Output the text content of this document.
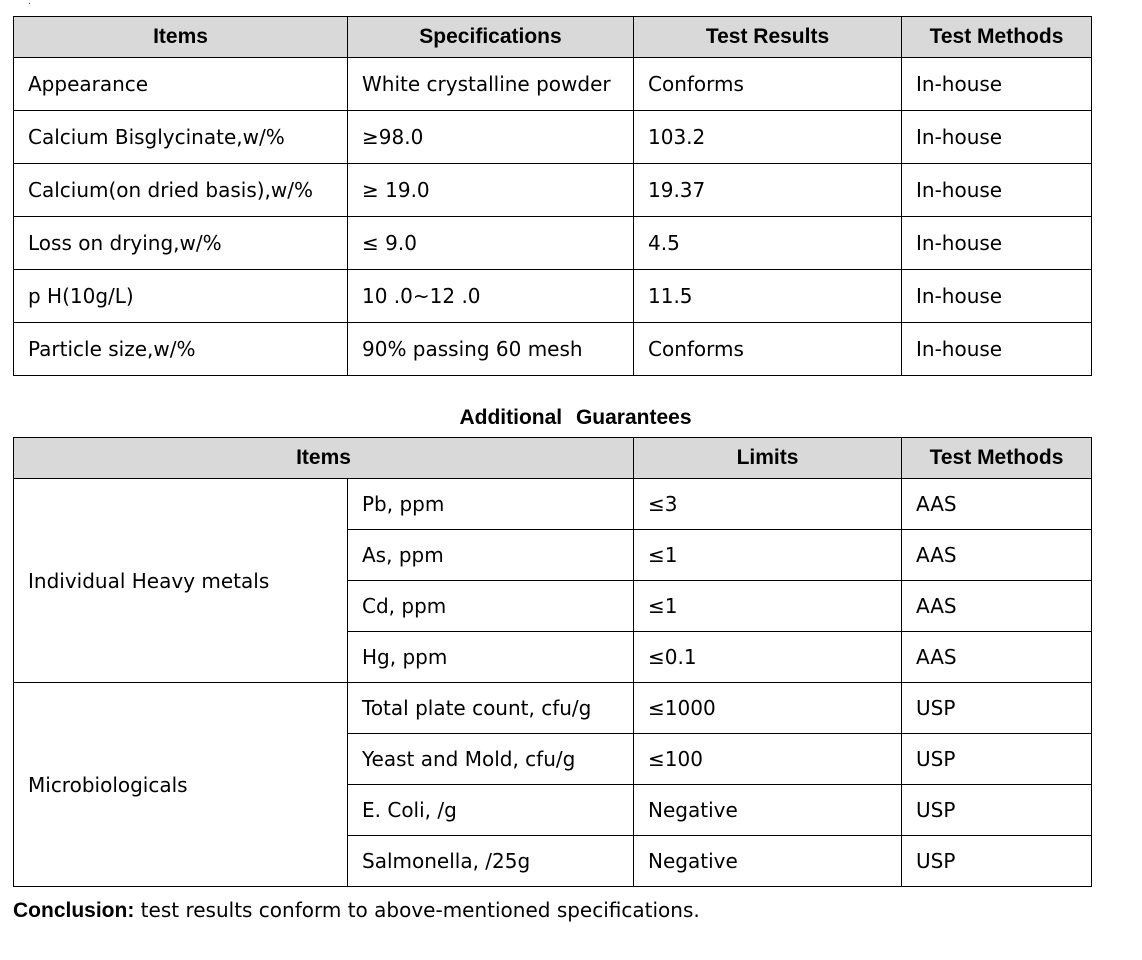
·
Items	Specifications	Test Results	Test Methods
Appearance	White crystalline powder	Conforms	In-house
Calcium Bisglycinate,w/%	≥98.0	103.2	In-house
Calcium(on dried basis),w/%	≥ 19.0	19.37	In-house
Loss on drying,w/%	≤ 9.0	4.5	In-house
p H(10g/L)	10 .0~12 .0	11.5	In-house
Particle size,w/%	90% passing 60 mesh	Conforms	In-house
Additional Guarantees
Items		Limits	Test Methods
Individual Heavy metals	Pb, ppm	≤3	AAS
	As, ppm	≤1	AAS
	Cd, ppm	≤1	AAS
	Hg, ppm	≤0.1	AAS
Microbiologicals	Total plate count, cfu/g	≤1000	USP
	Yeast and Mold, cfu/g	≤100	USP
	E. Coli, /g	Negative	USP
	Salmonella, /25g	Negative	USP
Conclusion: test results conform to above-mentioned specifications.
